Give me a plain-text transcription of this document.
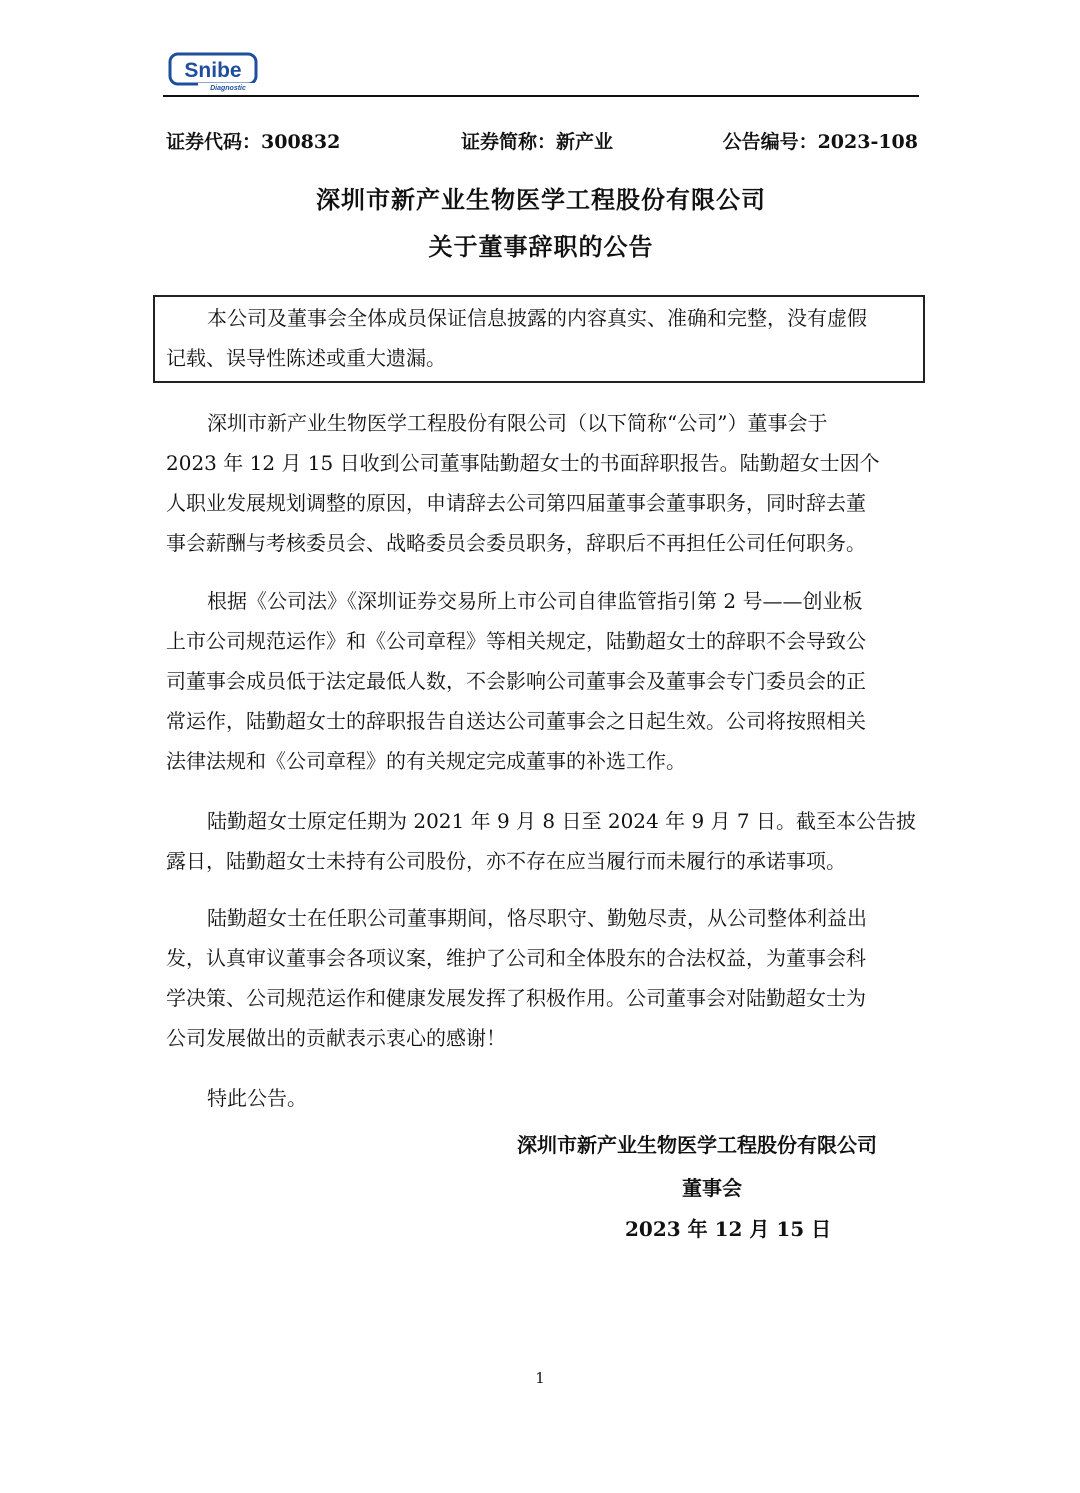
Snibe
Diagnostic
证券代码：300832	证券简称：新产业	公告编号：2023-108
深圳市新产业生物医学工程股份有限公司
关于董事辞职的公告
本公司及董事会全体成员保证信息披露的内容真实、准确和完整，没有虚假
记载、误导性陈述或重大遗漏。
深圳市新产业生物医学工程股份有限公司（以下简称“公司”）董事会于
2023 年 12 月 15 日收到公司董事陆勤超女士的书面辞职报告。陆勤超女士因个
人职业发展规划调整的原因，申请辞去公司第四届董事会董事职务，同时辞去董
事会薪酬与考核委员会、战略委员会委员职务，辞职后不再担任公司任何职务。
根据《公司法》《深圳证券交易所上市公司自律监管指引第 2 号——创业板
上市公司规范运作》和《公司章程》等相关规定，陆勤超女士的辞职不会导致公
司董事会成员低于法定最低人数，不会影响公司董事会及董事会专门委员会的正
常运作，陆勤超女士的辞职报告自送达公司董事会之日起生效。公司将按照相关
法律法规和《公司章程》的有关规定完成董事的补选工作。
陆勤超女士原定任期为 2021 年 9 月 8 日至 2024 年 9 月 7 日。截至本公告披
露日，陆勤超女士未持有公司股份，亦不存在应当履行而未履行的承诺事项。
陆勤超女士在任职公司董事期间，恪尽职守、勤勉尽责，从公司整体利益出
发，认真审议董事会各项议案，维护了公司和全体股东的合法权益，为董事会科
学决策、公司规范运作和健康发展发挥了积极作用。公司董事会对陆勤超女士为
公司发展做出的贡献表示衷心的感谢！
特此公告。
深圳市新产业生物医学工程股份有限公司
董事会
2023 年 12 月 15 日
1
